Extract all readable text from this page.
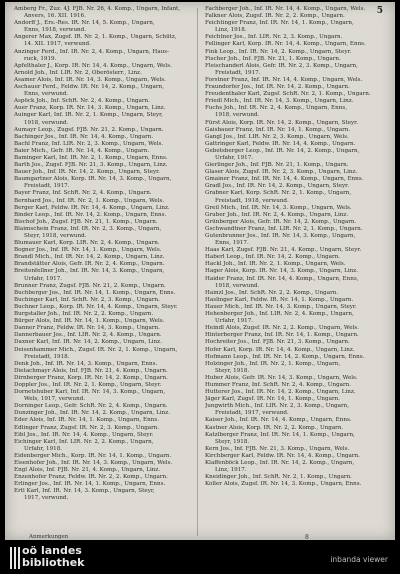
5
Amberg Fr., Zuz. 4J. FJB. Nr. 26, 4. Komp., Ungarn, Infant,
Anvers, 16. XII. 1916.
Andorff J., Ers.-Res. IR. Nr. 14, 5. Komp., Ungarn,
Enns, 1918, verwund.
Angerer Max, Zugsf. IR. Nr. 2, 1. Komp., Ungarn, Schütz,
14. XII. 1917, verwund.
Anzinger Ferd., Inf. IR. Nr. 2, 4. Komp., Ungarn, Haus-
ruck, 1919.
Apfelthaler J., Korp. IR. Nr. 14, 4. Komp., Ungarn, Wels.
Arnold Joh., Inf. LIR. Nr. 2, Oberösterr., Linz.
Asamer Alois, Inf. IR. Nr. 14, 3. Komp., Ungarn, Wels.
Aschauer Ferd., Feldw. IR. Nr. 14, 2. Komp., Ungarn,
Enns, verwund.
Aspöck Joh., Inf. SchR. Nr. 2, 4. Komp., Ungarn.
Auer Franz, Korp. IR. Nr. 14, 3. Komp., Ungarn, Linz.
Auinger Karl, Inf. IR. Nr. 2, 1. Komp., Ungarn, Steyr,
1918, verwund.
Aumayr Leop., Zugsf. FJB. Nr. 21, 2. Komp., Ungarn.
Bachinger Jos., Inf. IR. Nr. 14, 4. Komp., Ungarn.
Bachl Franz, Inf. LIR. Nr. 2, 3. Komp., Ungarn, Wels.
Baier Mich., Gefr. IR. Nr. 14, 4. Komp., Ungarn.
Baminger Karl, Inf. IR. Nr. 2, 1. Komp., Ungarn, Enns.
Barth Jos., Zugsf. FJB. Nr. 21, 3. Komp., Ungarn, Linz.
Bauer Joh., Inf. IR. Nr. 14, 2. Komp., Ungarn, Steyr.
Baumgartner Alois, Korp. IR. Nr. 14, 3. Komp., Ungarn,
Freistadt, 1917.
Bayer Franz, Inf. SchR. Nr. 2, 4. Komp., Ungarn.
Bernhard Jos., Inf. IR. Nr. 2, 1. Komp., Ungarn, Wels.
Berger Karl, Feldw. IR. Nr. 14, 4. Komp., Ungarn, Linz.
Binder Leop., Inf. IR. Nr. 14, 2. Komp., Ungarn, Enns.
Bischof Joh., Zugsf. FJB. Nr. 21, 1. Komp., Ungarn.
Blaimschein Franz, Inf. IR. Nr. 2, 3. Komp., Ungarn,
Steyr, 1918, verwund.
Blumauer Karl, Korp. LIR. Nr. 2, 4. Komp., Ungarn.
Bogner Jos., Inf. IR. Nr. 14, 1. Komp., Ungarn, Wels.
Brandl Mich., Inf. IR. Nr. 14, 2. Komp., Ungarn, Linz.
Brandstätter Alois, Gefr. IR. Nr. 2, 4. Komp., Ungarn.
Breitenfellner Joh., Inf. IR. Nr. 14, 3. Komp., Ungarn,
Urfahr, 1917.
Brunner Franz, Zugsf. FJB. Nr. 21, 2. Komp., Ungarn.
Buchberger Jos., Inf. IR. Nr. 14, 1. Komp., Ungarn, Enns.
Buchinger Karl, Inf. SchR. Nr. 2, 3. Komp., Ungarn.
Buchner Leop., Korp. IR. Nr. 14, 4. Komp., Ungarn, Steyr.
Burgstaller Joh., Inf. IR. Nr. 2, 2. Komp., Ungarn.
Bürger Alois, Inf. IR. Nr. 14, 1. Komp., Ungarn, Wels.
Danner Franz, Feldw. IR. Nr. 14, 3. Komp., Ungarn.
Dannerbauer Jos., Inf. LIR. Nr. 2, 4. Komp., Ungarn.
Daxner Karl, Inf. IR. Nr. 14, 2. Komp., Ungarn, Linz.
Deisenhammer Mich., Zugsf. IR. Nr. 2, 1. Komp., Ungarn,
Freistadt, 1918.
Denk Joh., Inf. IR. Nr. 14, 3. Komp., Ungarn, Enns.
Dietachmayr Alois, Inf. FJB. Nr. 21, 4. Komp., Ungarn.
Dirnberger Franz, Korp. IR. Nr. 14, 2. Komp., Ungarn.
Doppler Jos., Inf. IR. Nr. 2, 1. Komp., Ungarn, Steyr.
Dornetshuber Karl, Inf. IR. Nr. 14, 3. Komp., Ungarn,
Wels, 1917, verwund.
Dorninger Leop., Gefr. SchR. Nr. 2, 4. Komp., Ungarn.
Dunzinger Joh., Inf. IR. Nr. 14, 2. Komp., Ungarn, Linz.
Eder Alois, Inf. IR. Nr. 14, 1. Komp., Ungarn, Enns.
Edlinger Franz, Zugsf. IR. Nr. 2, 3. Komp., Ungarn.
Eibl Jos., Inf. IR. Nr. 14, 4. Komp., Ungarn, Steyr.
Eichinger Karl, Inf. LIR. Nr. 2, 2. Komp., Ungarn,
Urfahr, 1918.
Eidenberger Mich., Korp. IR. Nr. 14, 1. Komp., Ungarn.
Eisenhofer Joh., Inf. IR. Nr. 14, 3. Komp., Ungarn, Wels.
Engl Alois, Inf. FJB. Nr. 21, 4. Komp., Ungarn, Linz.
Enzenhofer Franz, Feldw. IR. Nr. 2, 2. Komp., Ungarn.
Erlinger Jos., Inf. IR. Nr. 14, 1. Komp., Ungarn, Enns.
Ertl Karl, Inf. IR. Nr. 14, 3. Komp., Ungarn, Steyr,
1917, verwund.
Fachberger Joh., Inf. IR. Nr. 14, 4. Komp., Ungarn, Wels.
Falkner Alois, Zugsf. IR. Nr. 2, 2. Komp., Ungarn.
Feichtinger Franz, Inf. IR. Nr. 14, 1. Komp., Ungarn,
Linz, 1918.
Feichtner Jos., Inf. LIR. Nr. 2, 3. Komp., Ungarn.
Fellinger Karl, Korp. IR. Nr. 14, 4. Komp., Ungarn, Enns.
Fink Leop., Inf. IR. Nr. 14, 2. Komp., Ungarn, Steyr.
Fischer Joh., Inf. FJB. Nr. 21, 1. Komp., Ungarn.
Fleischanderl Alois, Gefr. IR. Nr. 2, 3. Komp., Ungarn,
Freistadt, 1917.
Forstner Franz, Inf. IR. Nr. 14, 4. Komp., Ungarn, Wels.
Fraundorfer Jos., Inf. IR. Nr. 14, 2. Komp., Ungarn.
Freudenthaler Karl, Zugsf. SchR. Nr. 2, 1. Komp., Ungarn.
Friedl Mich., Inf. IR. Nr. 14, 3. Komp., Ungarn, Linz.
Fuchs Joh., Inf. IR. Nr. 2, 4. Komp., Ungarn, Enns,
1918, verwund.
Fürst Alois, Korp. IR. Nr. 14, 2. Komp., Ungarn, Steyr.
Gaisbauer Franz, Inf. IR. Nr. 14, 1. Komp., Ungarn.
Gangl Jos., Inf. LIR. Nr. 2, 3. Komp., Ungarn, Wels.
Gattringer Karl, Feldw. IR. Nr. 14, 4. Komp., Ungarn.
Gebetsberger Leop., Inf. IR. Nr. 14, 2. Komp., Ungarn,
Urfahr, 1917.
Gierlinger Joh., Inf. FJB. Nr. 21, 1. Komp., Ungarn.
Glaser Alois, Zugsf. IR. Nr. 2, 3. Komp., Ungarn, Linz.
Gmainer Franz, Inf. IR. Nr. 14, 4. Komp., Ungarn, Enns.
Gradl Jos., Inf. IR. Nr. 14, 2. Komp., Ungarn, Steyr.
Grabner Karl, Korp. SchR. Nr. 2, 1. Komp., Ungarn,
Freistadt, 1918, verwund.
Greil Mich., Inf. IR. Nr. 14, 3. Komp., Ungarn, Wels.
Gruber Joh., Inf. IR. Nr. 2, 4. Komp., Ungarn, Linz.
Grünberger Alois, Gefr. IR. Nr. 14, 2. Komp., Ungarn.
Gschwandtner Franz, Inf. LIR. Nr. 2, 1. Komp., Ungarn.
Gutenbrunner Jos., Inf. IR. Nr. 14, 3. Komp., Ungarn,
Enns, 1917.
Haas Karl, Zugsf. FJB. Nr. 21, 4. Komp., Ungarn, Steyr.
Haberl Leop., Inf. IR. Nr. 14, 2. Komp., Ungarn.
Hackl Joh., Inf. IR. Nr. 2, 1. Komp., Ungarn, Wels.
Hager Alois, Korp. IR. Nr. 14, 3. Komp., Ungarn, Linz.
Haider Franz, Inf. IR. Nr. 14, 4. Komp., Ungarn, Enns,
1918, verwund.
Hainzl Jos., Inf. SchR. Nr. 2, 2. Komp., Ungarn.
Haslinger Karl, Feldw. IR. Nr. 14, 1. Komp., Ungarn.
Hauer Mich., Inf. IR. Nr. 14, 3. Komp., Ungarn, Steyr.
Hehenberger Joh., Inf. LIR. Nr. 2, 4. Komp., Ungarn,
Urfahr, 1917.
Heindl Alois, Zugsf. IR. Nr. 2, 2. Komp., Ungarn, Wels.
Hinterberger Franz, Inf. IR. Nr. 14, 1. Komp., Ungarn.
Hochreiter Jos., Inf. FJB. Nr. 21, 3. Komp., Ungarn.
Hofer Karl, Korp. IR. Nr. 14, 4. Komp., Ungarn, Linz.
Hofmann Leop., Inf. IR. Nr. 14, 2. Komp., Ungarn, Enns.
Holzinger Joh., Inf. IR. Nr. 2, 1. Komp., Ungarn,
Steyr, 1918.
Huber Alois, Gefr. IR. Nr. 14, 3. Komp., Ungarn, Wels.
Hummer Franz, Inf. SchR. Nr. 2, 4. Komp., Ungarn.
Hutterer Jos., Inf. IR. Nr. 14, 2. Komp., Ungarn, Linz.
Jäger Karl, Zugsf. IR. Nr. 14, 1. Komp., Ungarn.
Jungwirth Mich., Inf. LIR. Nr. 2, 3. Komp., Ungarn,
Freistadt, 1917, verwund.
Kaiser Joh., Inf. IR. Nr. 14, 4. Komp., Ungarn, Enns.
Kastner Alois, Korp. IR. Nr. 2, 2. Komp., Ungarn.
Katzlberger Franz, Inf. IR. Nr. 14, 1. Komp., Ungarn,
Steyr, 1918.
Kern Jos., Inf. FJB. Nr. 21, 3. Komp., Ungarn, Wels.
Kirchberger Karl, Feldw. IR. Nr. 14, 4. Komp., Ungarn.
Klaffenböck Leop., Inf. IR. Nr. 14, 2. Komp., Ungarn,
Linz, 1917.
Kneidinger Joh., Inf. SchR. Nr. 2, 1. Komp., Ungarn.
Koller Alois, Zugsf. IR. Nr. 14, 3. Komp., Ungarn, Enns.
Anmerkungen	8
oö landes
bibliothek	inbanda viewer
